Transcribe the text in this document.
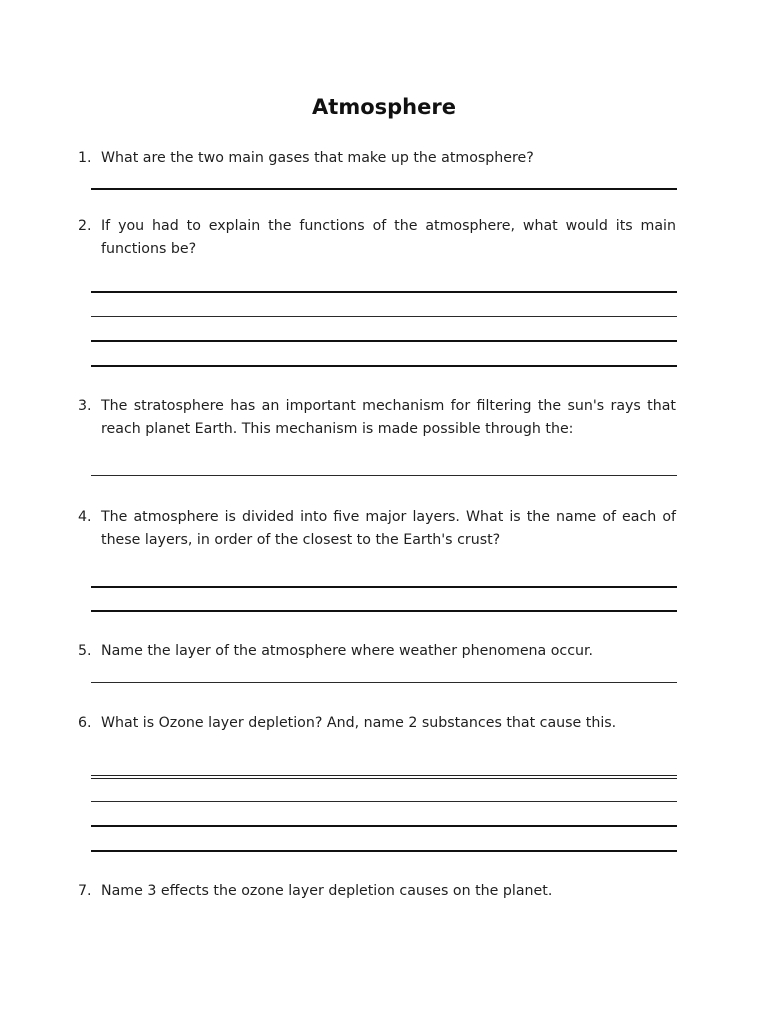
Atmosphere
1. What are the two main gases that make up the atmosphere?
2. If you had to explain the functions of the atmosphere, what would its main functions be?
3. The stratosphere has an important mechanism for filtering the sun's rays that reach planet Earth. This mechanism is made possible through the:
4. The atmosphere is divided into five major layers. What is the name of each of these layers, in order of the closest to the Earth's crust?
5. Name the layer of the atmosphere where weather phenomena occur.
6. What is Ozone layer depletion? And, name 2 substances that cause this.
7. Name 3 effects the ozone layer depletion causes on the planet.
